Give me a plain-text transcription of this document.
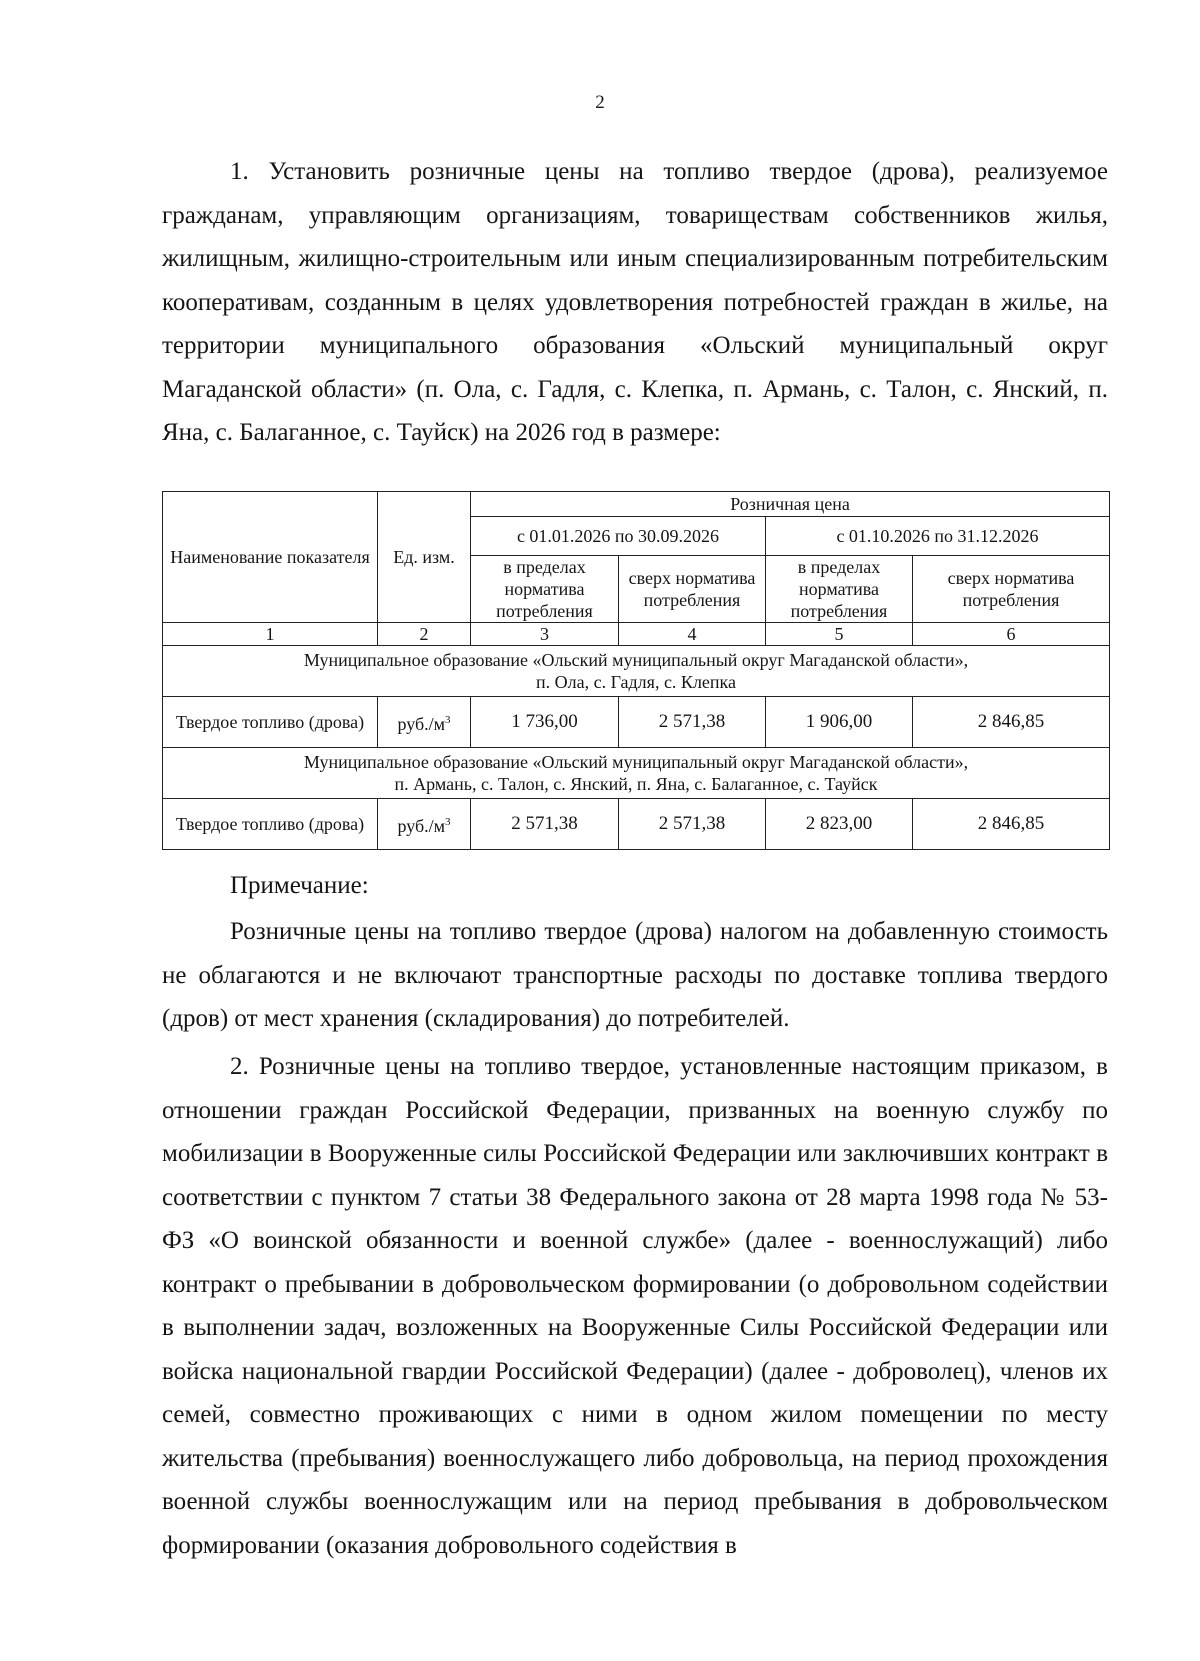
2
1. Установить розничные цены на топливо твердое (дрова), реализуемое гражданам, управляющим организациям, товариществам собственников жилья, жилищным, жилищно-строительным или иным специализированным потребительским кооперативам, созданным в целях удовлетворения потребностей граждан в жилье, на территории муниципального образования «Ольский муниципальный округ Магаданской области» (п. Ола, с. Гадля, с. Клепка, п. Армань, с. Талон, с. Янский, п. Яна, с. Балаганное, с. Тауйск) на 2026 год в размере:
Наименование показателя	Ед. изм.	Розничная цена			
		с 01.01.2026 по 30.09.2026		с 01.10.2026 по 31.12.2026	
		в пределах норматива потребления	сверх норматива потребления	в пределах норматива потребления	сверх норматива потребления
1	2	3	4	5	6
Муниципальное образование «Ольский муниципальный округ Магаданской области»,
п. Ола, с. Гадля, с. Клепка					
Твердое топливо (дрова)	$руб./м^3$	1 736,00	2 571,38	1 906,00	2 846,85
Муниципальное образование «Ольский муниципальный округ Магаданской области»,
п. Армань, с. Талон, с. Янский, п. Яна, с. Балаганное, с. Тауйск					
Твердое топливо (дрова)	$руб./м^3$	2 571,38	2 571,38	2 823,00	2 846,85
Примечание:
Розничные цены на топливо твердое (дрова) налогом на добавленную стоимость не облагаются и не включают транспортные расходы по доставке топлива твердого (дров) от мест хранения (складирования) до потребителей.
2. Розничные цены на топливо твердое, установленные настоящим приказом, в отношении граждан Российской Федерации, призванных на военную службу по мобилизации в Вооруженные силы Российской Федерации или заключивших контракт в соответствии с пунктом 7 статьи 38 Федерального закона от 28 марта 1998 года № 53-ФЗ «О воинской обязанности и военной службе» (далее - военнослужащий) либо контракт о пребывании в добровольческом формировании (о добровольном содействии в выполнении задач, возложенных на Вооруженные Силы Российской Федерации или войска национальной гвардии Российской Федерации) (далее - доброволец), членов их семей, совместно проживающих с ними в одном жилом помещении по месту жительства (пребывания) военнослужащего либо добровольца, на период прохождения военной службы военнослужащим или на период пребывания в добровольческом формировании (оказания добровольного содействия в
